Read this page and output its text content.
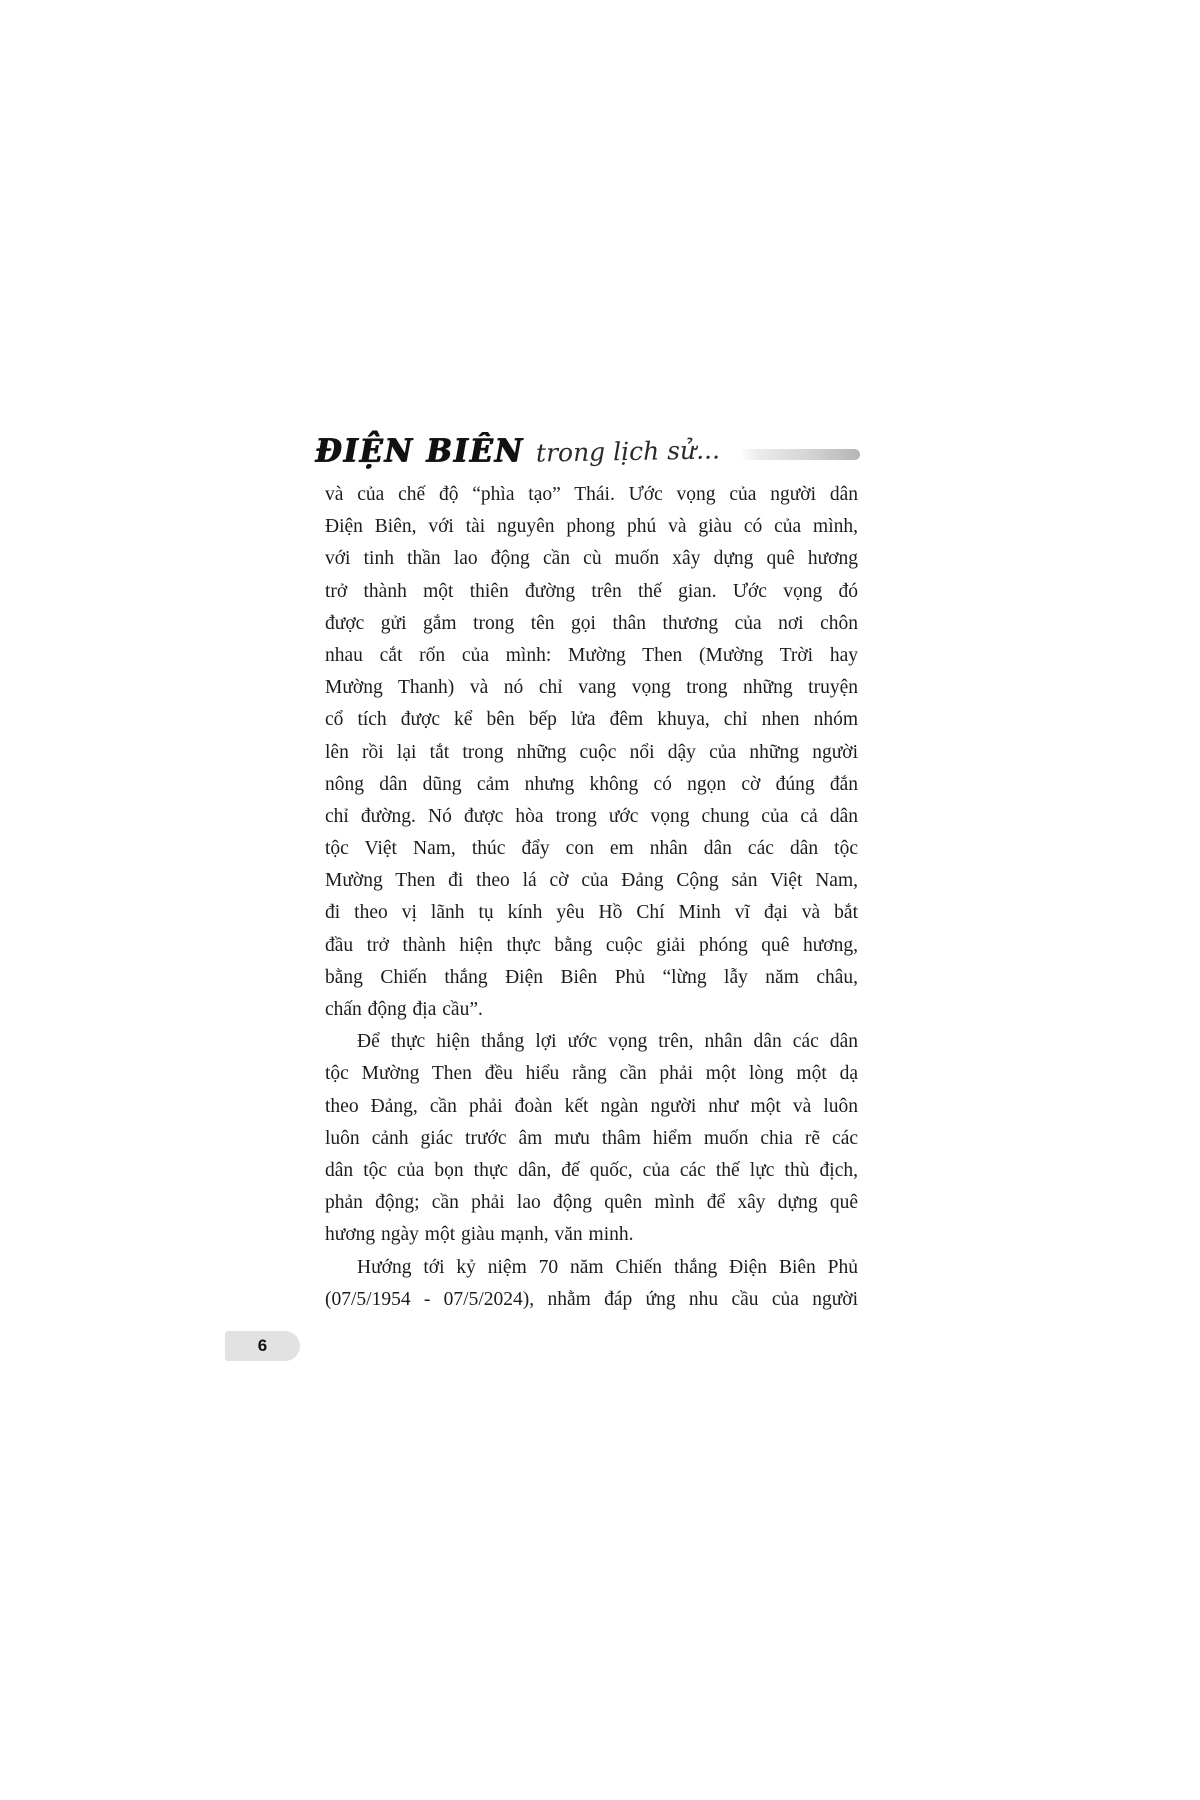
ĐIỆN BIÊN trong lịch sử...
và của chế độ “phìa tạo” Thái. Ước vọng của người dân
Điện Biên, với tài nguyên phong phú và giàu có của mình,
với tinh thần lao động cần cù muốn xây dựng quê hương
trở thành một thiên đường trên thế gian. Ước vọng đó
được gửi gắm trong tên gọi thân thương của nơi chôn
nhau cắt rốn của mình: Mường Then (Mường Trời hay
Mường Thanh) và nó chỉ vang vọng trong những truyện
cổ tích được kể bên bếp lửa đêm khuya, chỉ nhen nhóm
lên rồi lại tắt trong những cuộc nổi dậy của những người
nông dân dũng cảm nhưng không có ngọn cờ đúng đắn
chỉ đường. Nó được hòa trong ước vọng chung của cả dân
tộc Việt Nam, thúc đẩy con em nhân dân các dân tộc
Mường Then đi theo lá cờ của Đảng Cộng sản Việt Nam,
đi theo vị lãnh tụ kính yêu Hồ Chí Minh vĩ đại và bắt
đầu trở thành hiện thực bằng cuộc giải phóng quê hương,
bằng Chiến thắng Điện Biên Phủ “lừng lẫy năm châu,
chấn động địa cầu”.
Để thực hiện thắng lợi ước vọng trên, nhân dân các dân
tộc Mường Then đều hiểu rằng cần phải một lòng một dạ
theo Đảng, cần phải đoàn kết ngàn người như một và luôn
luôn cảnh giác trước âm mưu thâm hiểm muốn chia rẽ các
dân tộc của bọn thực dân, đế quốc, của các thế lực thù địch,
phản động; cần phải lao động quên mình để xây dựng quê
hương ngày một giàu mạnh, văn minh.
Hướng tới kỷ niệm 70 năm Chiến thắng Điện Biên Phủ
(07/5/1954 - 07/5/2024), nhằm đáp ứng nhu cầu của người
6
